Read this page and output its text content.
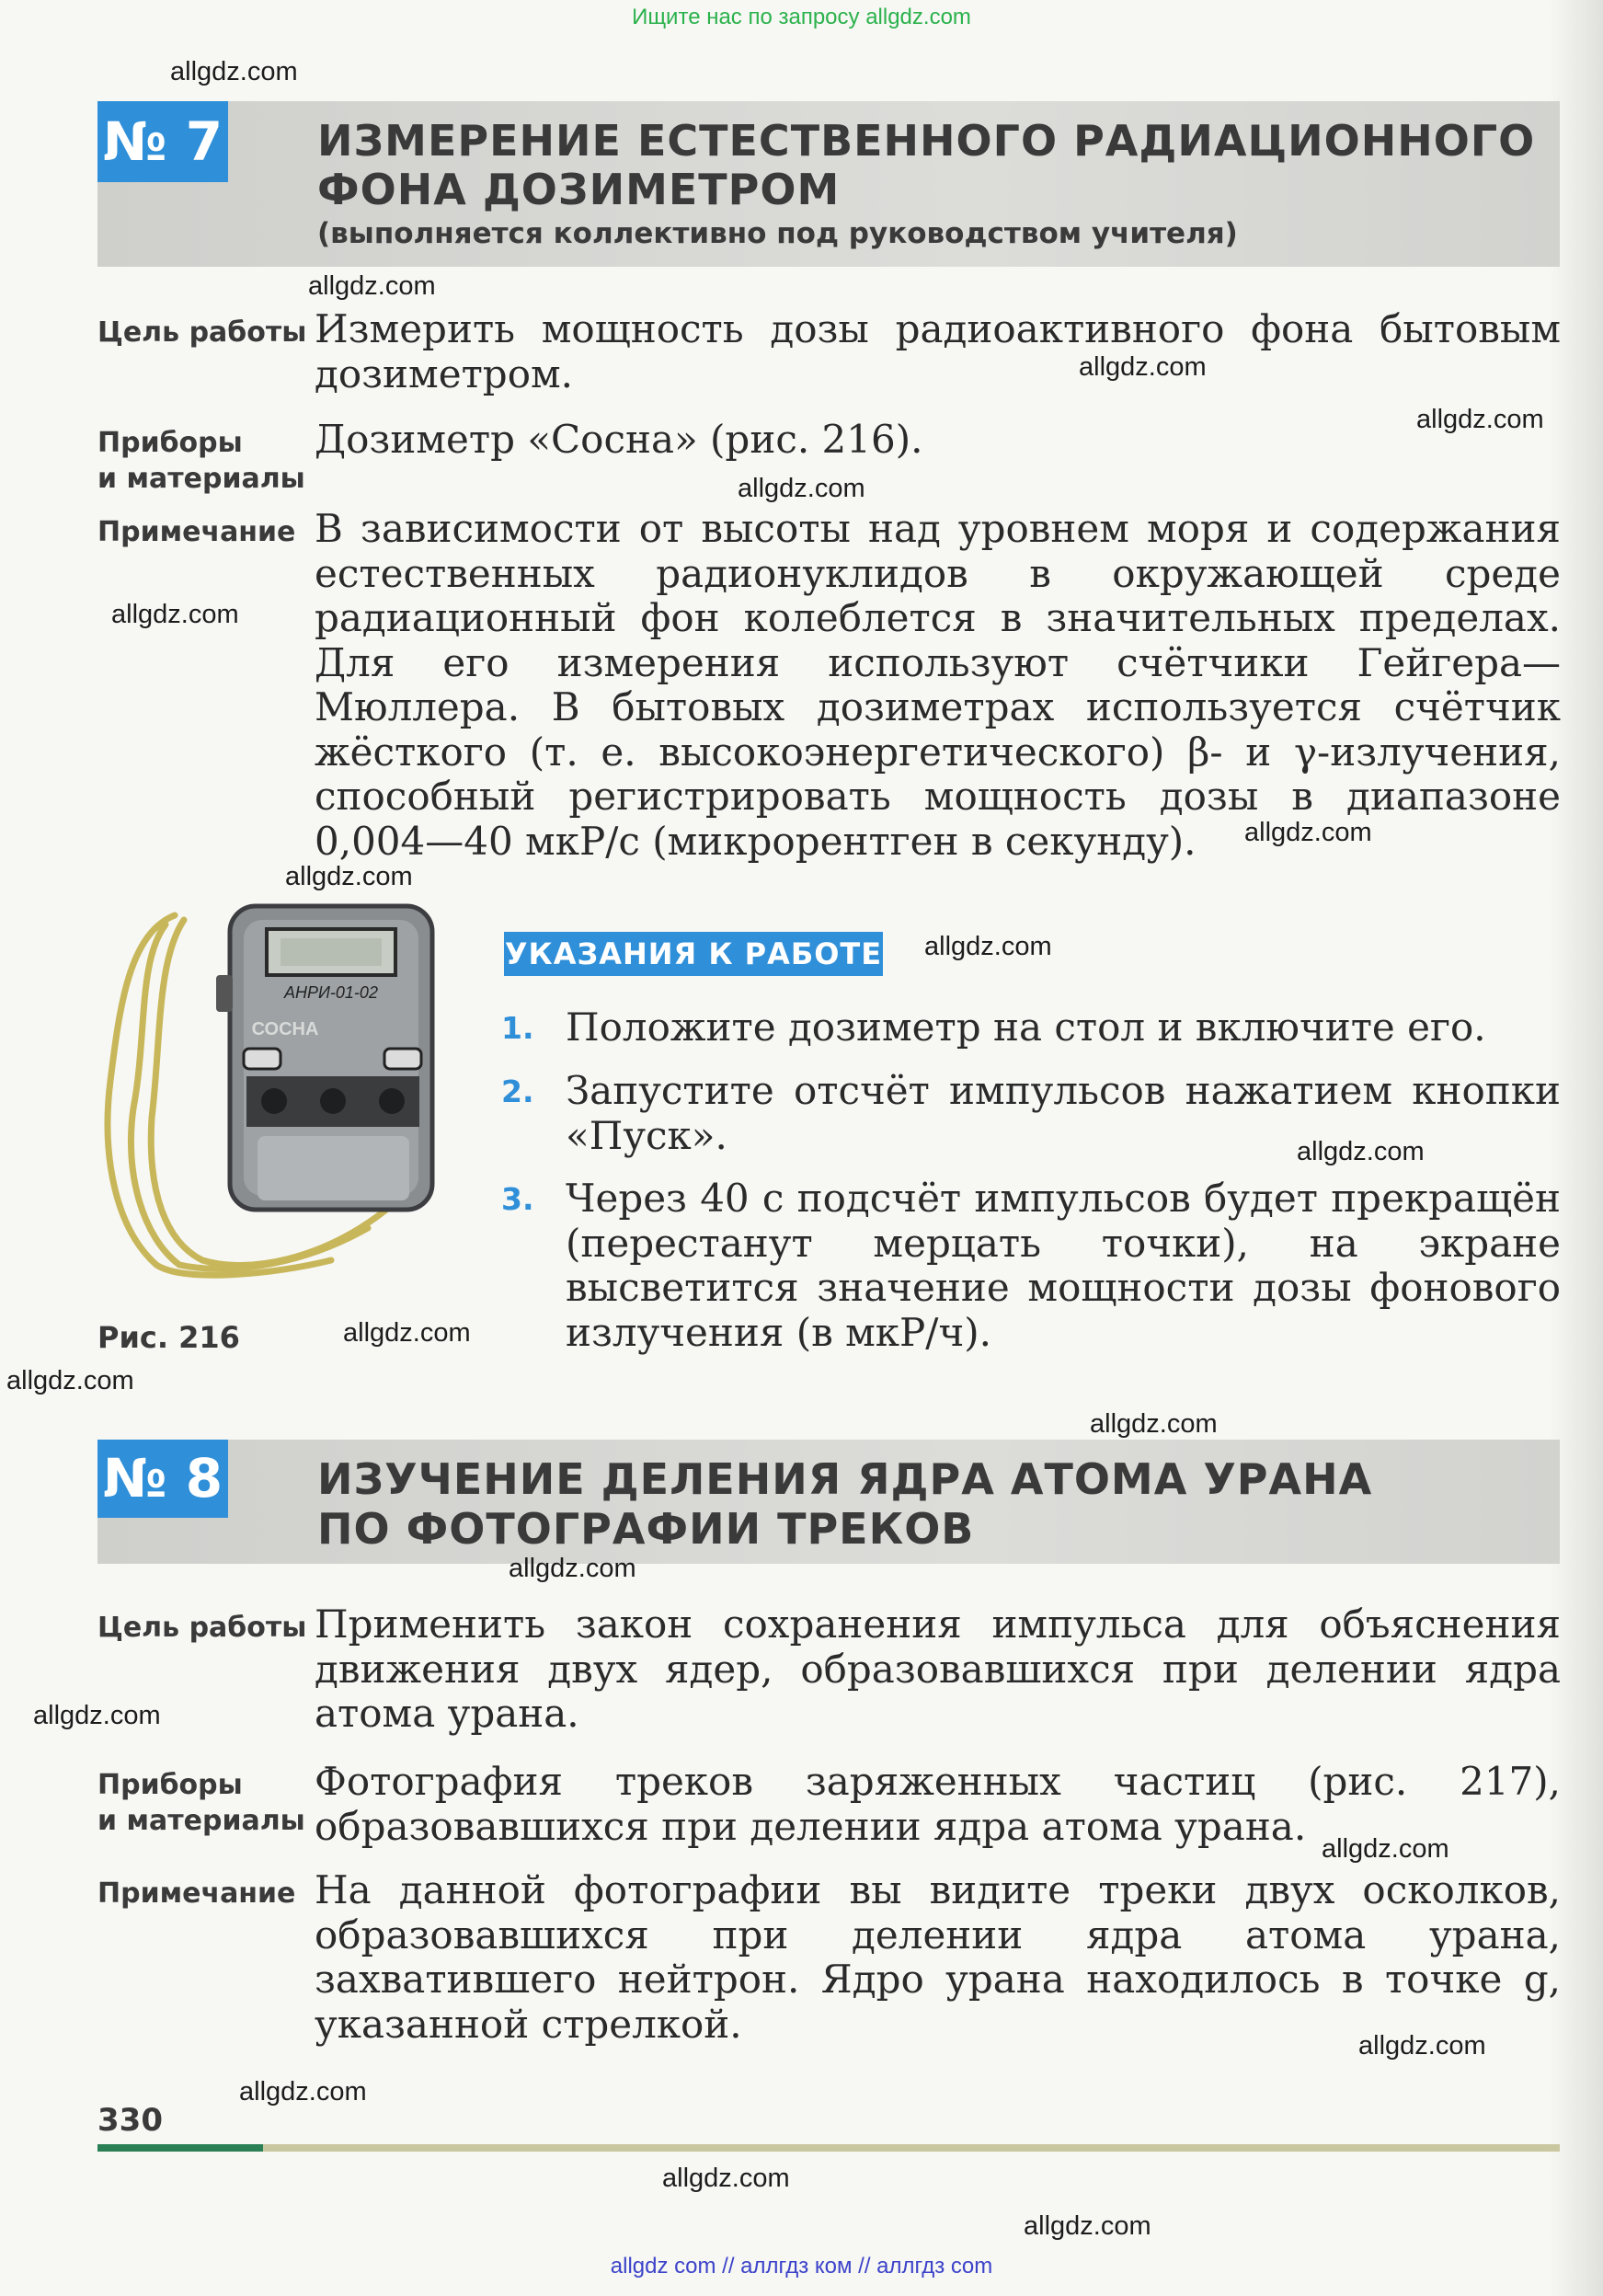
Ищите нас по запросу allgdz.com
№ 7 ИЗМЕРЕНИЕ ЕСТЕСТВЕННОГО РАДИАЦИОННОГО
ФОНА ДОЗИМЕТРОМ
(выполняется коллективно под руководством учителя)
Цель работы Измерить мощность дозы радиоактивного фона бытовым дозиметром.
Приборы
и материалы
Дозиметр «Сосна» (рис. 216).
Примечание В зависимости от высоты над уровнем моря и содержания естественных радионуклидов в окружающей среде радиационный фон колеблется в значительных пределах. Для его измерения используют счётчики Гейгера—Мюллера. В бытовых дозиметрах используется счётчик жёсткого (т. е. высокоэнергетического) β- и γ-излучения, способный регистрировать мощность дозы в диапазоне 0,004—40 мкР/с (микрорентген в секунду).
АНРИ-01-02
СОСНА
Рис. 216
УКАЗАНИЯ К РАБОТЕ
1. Положите дозиметр на стол и включите его.
2. Запустите отсчёт импульсов нажатием кнопки «Пуск».
3. Через 40 с подсчёт импульсов будет прекращён (перестанут мерцать точки), на экране высветится значение мощности дозы фонового излучения (в мкР/ч).
№ 8 ИЗУЧЕНИЕ ДЕЛЕНИЯ ЯДРА АТОМА УРАНА
ПО ФОТОГРАФИИ ТРЕКОВ
Цель работы Применить закон сохранения импульса для объяснения движения двух ядер, образовавшихся при делении ядра атома урана.
Приборы
и материалы
Фотография треков заряженных частиц (рис. 217), образовавшихся при делении ядра атома урана.
Примечание На данной фотографии вы видите треки двух осколков, образовавшихся при делении ядра атома урана, захватившего нейтрон. Ядро урана находилось в точке g, указанной стрелкой.
330
allgdz com // аллгдз ком // аллгдз com
allgdz.com
allgdz.com
allgdz.com
allgdz.com
allgdz.com
allgdz.com
allgdz.com
allgdz.com
allgdz.com
allgdz.com
allgdz.com
allgdz.com
allgdz.com
allgdz.com
allgdz.com
allgdz.com
allgdz.com
allgdz.com
allgdz.com
allgdz.com
